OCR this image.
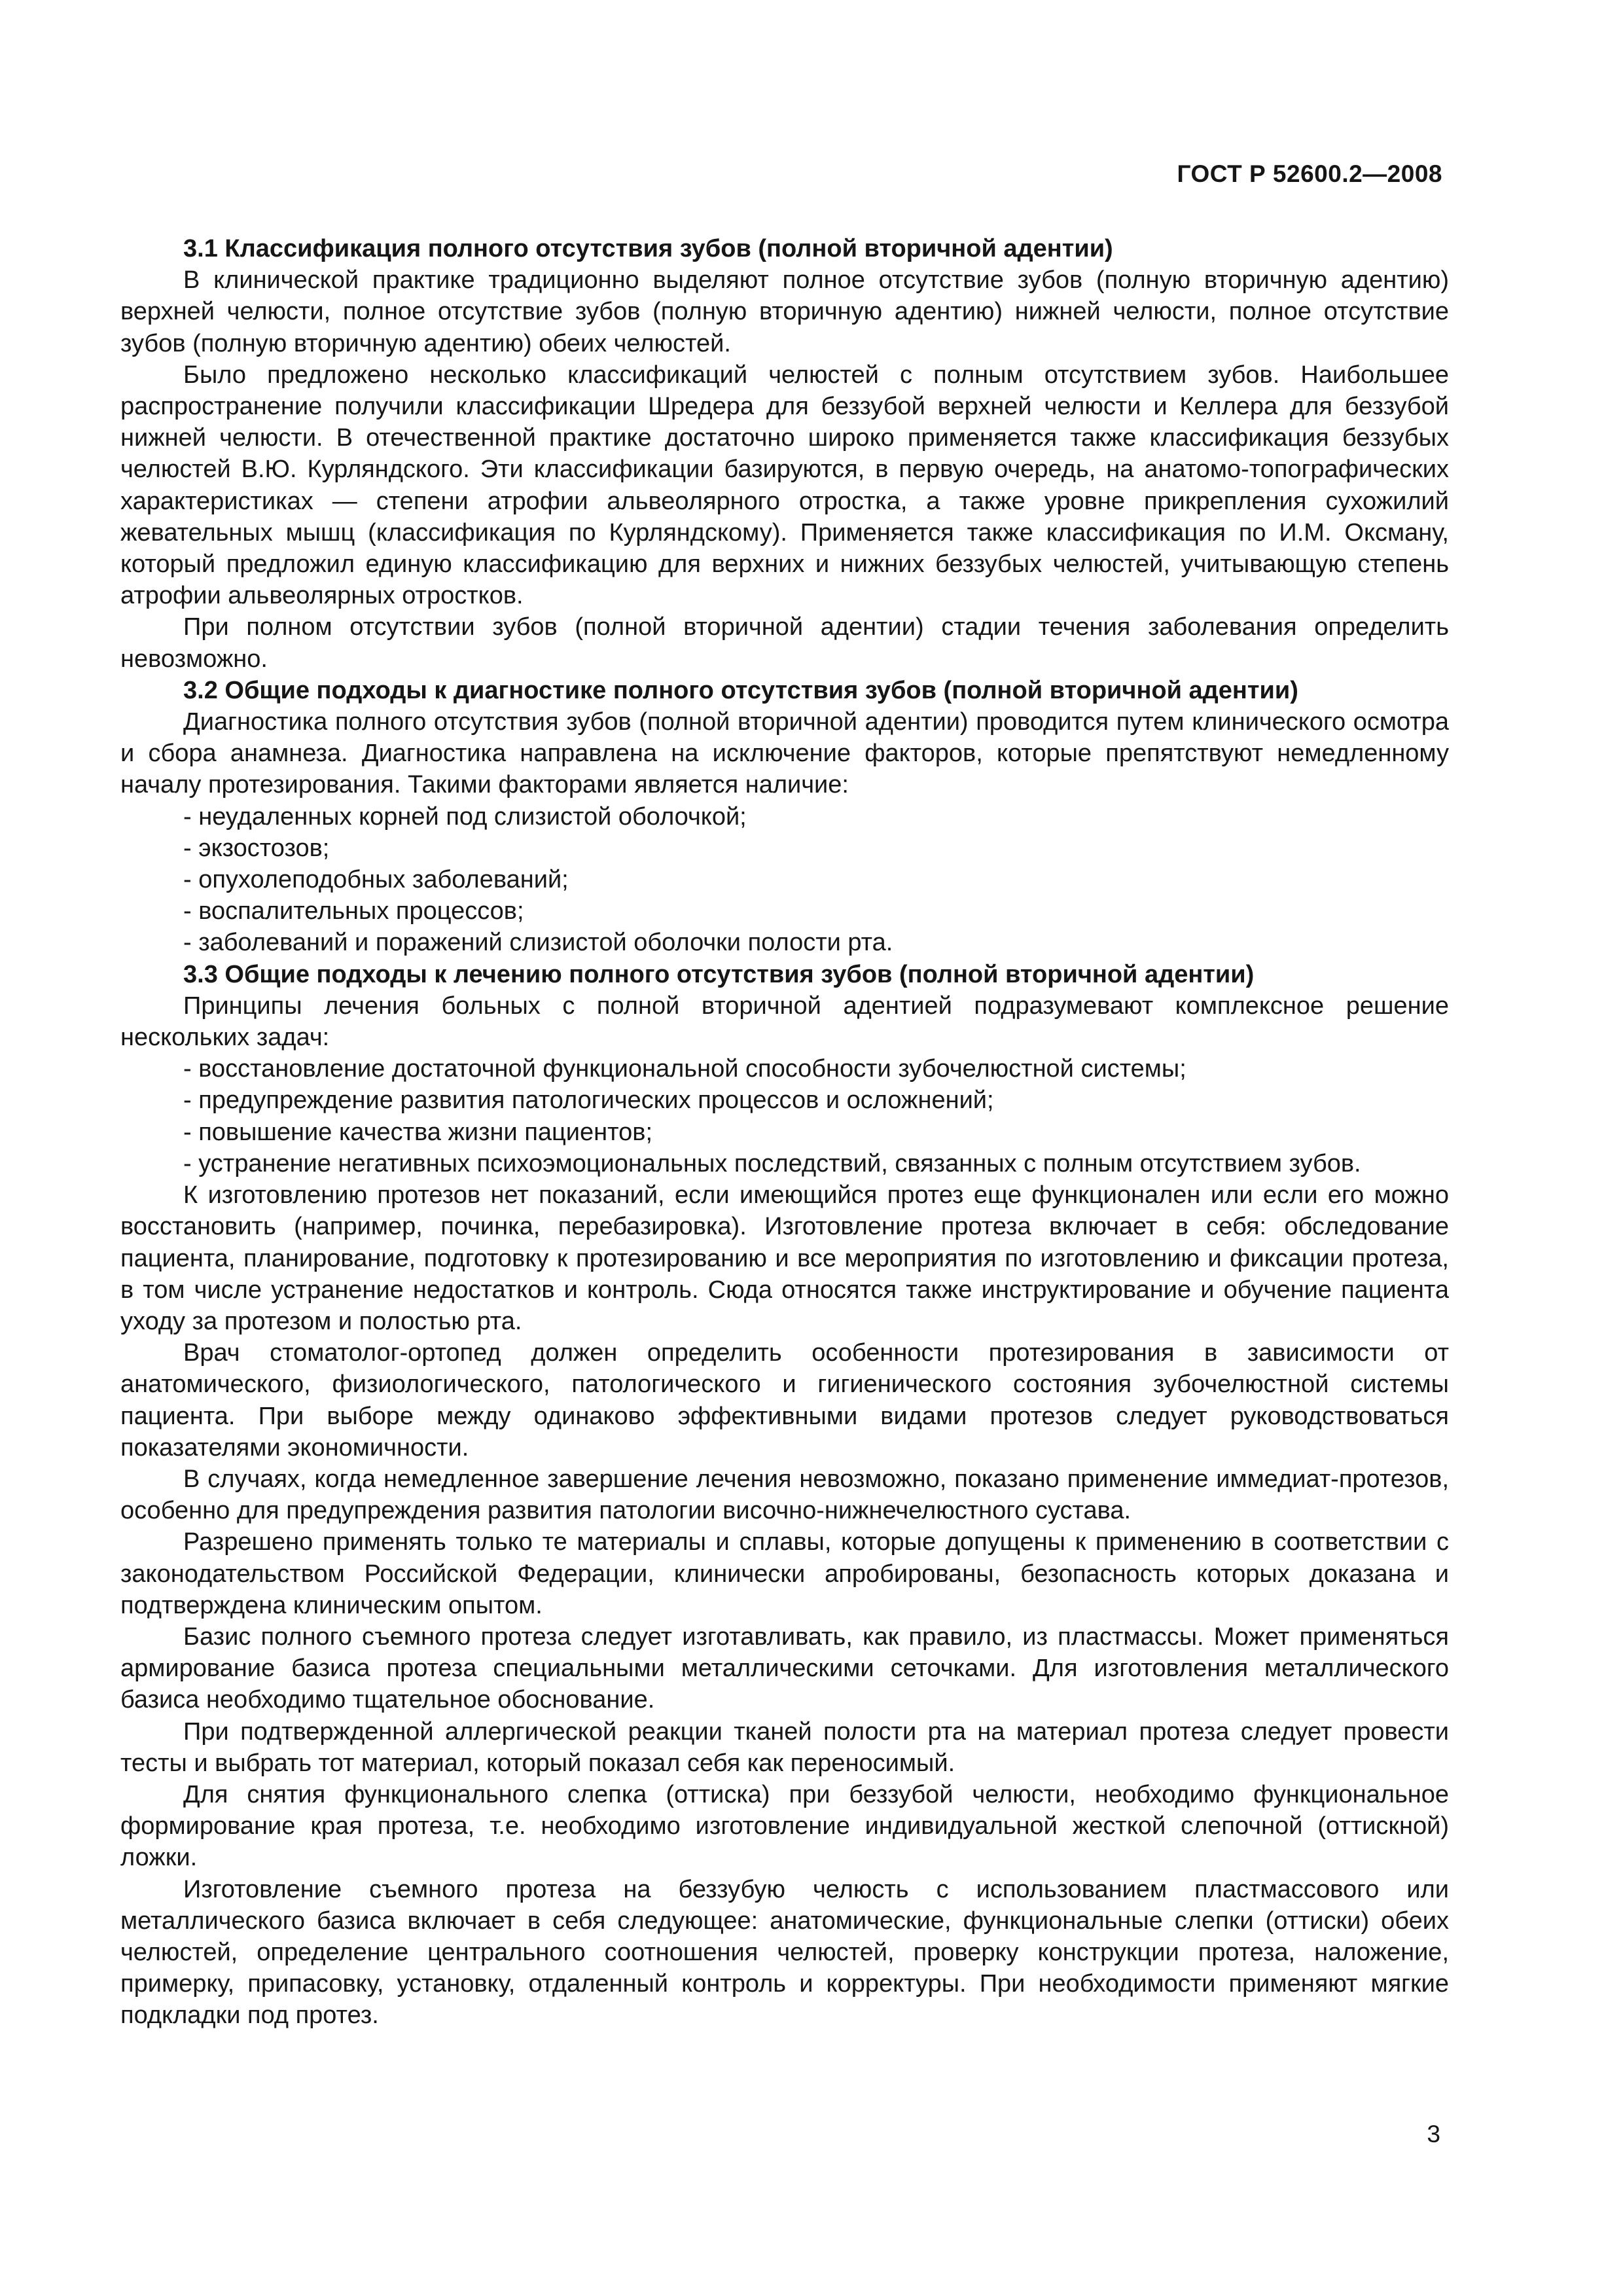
ГОСТ Р 52600.2—2008

3.1 Классификация полного отсутствия зубов (полной вторичной адентии)

В клинической практике традиционно выделяют полное отсутствие зубов (полную вторичную адентию) верхней челюсти, полное отсутствие зубов (полную вторичную адентию) нижней челюсти, полное отсутствие зубов (полную вторичную адентию) обеих челюстей.

Было предложено несколько классификаций челюстей с полным отсутствием зубов. Наибольшее распространение получили классификации Шредера для беззубой верхней челюсти и Келлера для беззубой нижней челюсти. В отечественной практике достаточно широко применяется также классификация беззубых челюстей В.Ю. Курляндского. Эти классификации базируются, в первую очередь, на анатомо-топографических характеристиках — степени атрофии альвеолярного отростка, а также уровне прикрепления сухожилий жевательных мышц (классификация по Курляндскому). Применяется также классификация по И.М. Оксману, который предложил единую классификацию для верхних и нижних беззубых челюстей, учитывающую степень атрофии альвеолярных отростков.

При полном отсутствии зубов (полной вторичной адентии) стадии течения заболевания определить невозможно.

3.2 Общие подходы к диагностике полного отсутствия зубов (полной вторичной адентии)

Диагностика полного отсутствия зубов (полной вторичной адентии) проводится путем клинического осмотра и сбора анамнеза. Диагностика направлена на исключение факторов, которые препятствуют немедленному началу протезирования. Такими факторами является наличие:

- неудаленных корней под слизистой оболочкой;

- экзостозов;

- опухолеподобных заболеваний;

- воспалительных процессов;

- заболеваний и поражений слизистой оболочки полости рта.

3.3 Общие подходы к лечению полного отсутствия зубов (полной вторичной адентии)

Принципы лечения больных с полной вторичной адентией подразумевают комплексное решение нескольких задач:

- восстановление достаточной функциональной способности зубочелюстной системы;

- предупреждение развития патологических процессов и осложнений;

- повышение качества жизни пациентов;

- устранение негативных психоэмоциональных последствий, связанных с полным отсутствием зубов.

К изготовлению протезов нет показаний, если имеющийся протез еще функционален или если его можно восстановить (например, починка, перебазировка). Изготовление протеза включает в себя: обследование пациента, планирование, подготовку к протезированию и все мероприятия по изготовлению и фиксации протеза, в том числе устранение недостатков и контроль. Сюда относятся также инструктирование и обучение пациента уходу за протезом и полостью рта.

Врач стоматолог-ортопед должен определить особенности протезирования в зависимости от анатомического, физиологического, патологического и гигиенического состояния зубочелюстной системы пациента. При выборе между одинаково эффективными видами протезов следует руководствоваться показателями экономичности.

В случаях, когда немедленное завершение лечения невозможно, показано применение иммедиат-протезов, особенно для предупреждения развития патологии височно-нижнечелюстного сустава.

Разрешено применять только те материалы и сплавы, которые допущены к применению в соответствии с законодательством Российской Федерации, клинически апробированы, безопасность которых доказана и подтверждена клиническим опытом.

Базис полного съемного протеза следует изготавливать, как правило, из пластмассы. Может применяться армирование базиса протеза специальными металлическими сеточками. Для изготовления металлического базиса необходимо тщательное обоснование.

При подтвержденной аллергической реакции тканей полости рта на материал протеза следует провести тесты и выбрать тот материал, который показал себя как переносимый.

Для снятия функционального слепка (оттиска) при беззубой челюсти, необходимо функциональное формирование края протеза, т.е. необходимо изготовление индивидуальной жесткой слепочной (оттискной) ложки.

Изготовление съемного протеза на беззубую челюсть с использованием пластмассового или металлического базиса включает в себя следующее: анатомические, функциональные слепки (оттиски) обеих челюстей, определение центрального соотношения челюстей, проверку конструкции протеза, наложение, примерку, припасовку, установку, отдаленный контроль и корректуры. При необходимости применяют мягкие подкладки под протез.

3
